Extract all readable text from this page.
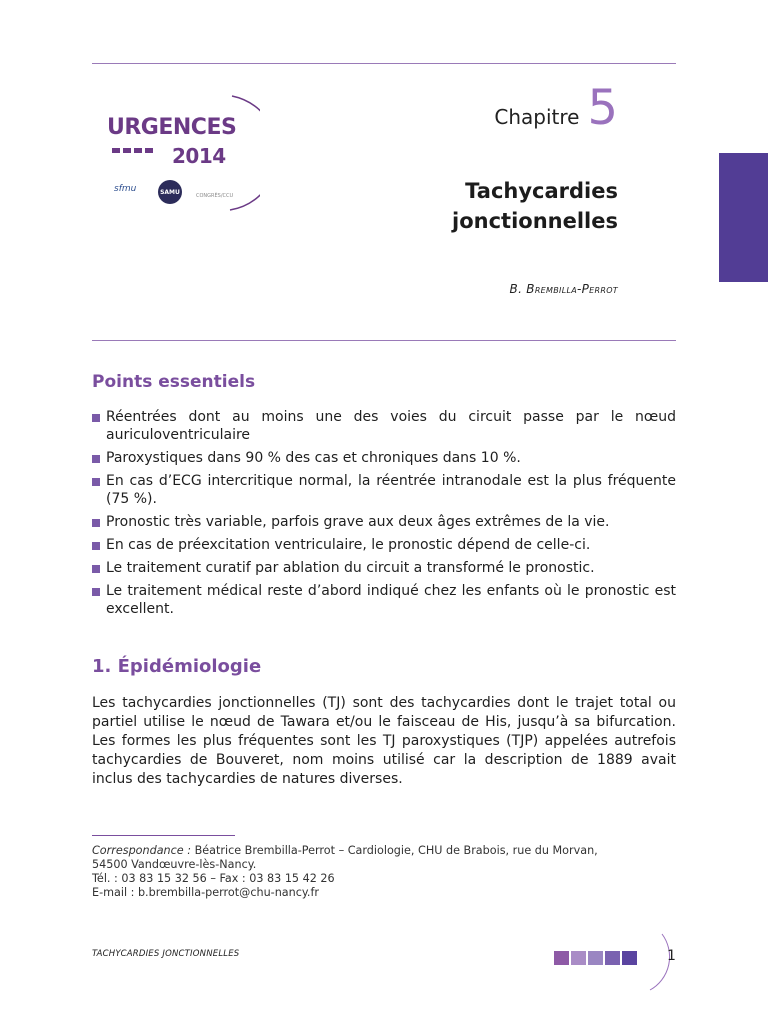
URGENCES
2014
sfmu	SAMU
CONGRÈS/CCU
Chapitre 5
Tachycardies
jonctionnelles
B. Brembilla-Perrot
Points essentiels
Réentrées dont au moins une des voies du circuit passe par le nœud auriculoventriculaire
Paroxystiques dans 90 % des cas et chroniques dans 10 %.
En cas d’ECG intercritique normal, la réentrée intranodale est la plus fréquente (75 %).
Pronostic très variable, parfois grave aux deux âges extrêmes de la vie.
En cas de préexcitation ventriculaire, le pronostic dépend de celle-ci.
Le traitement curatif par ablation du circuit a transformé le pronostic.
Le traitement médical reste d’abord indiqué chez les enfants où le pronostic est excellent.
1. Épidémiologie

Les tachycardies jonctionnelles (TJ) sont des tachycardies dont le trajet total ou partiel utilise le nœud de Tawara et/ou le faisceau de His, jusqu’à sa bifurcation. Les formes les plus fréquentes sont les TJ paroxystiques (TJP) appelées autrefois tachycardies de Bouveret, nom moins utilisé car la description de 1889 avait inclus des tachycardies de natures diverses.

Correspondance : Béatrice Brembilla-Perrot – Cardiologie, CHU de Brabois, rue du Morvan,
54500 Vandœuvre-lès-Nancy.
Tél. : 03 83 15 32 56 – Fax : 03 83 15 42 26
E-mail : b.brembilla-perrot@chu-nancy.fr
TACHYCARDIES JONCTIONNELLES	1
